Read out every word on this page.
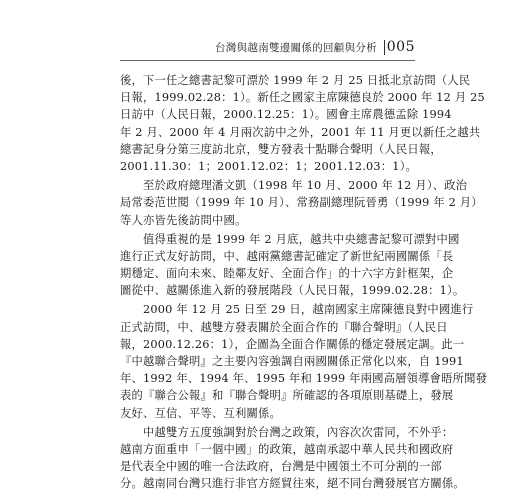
台灣與越南雙邊關係的回顧與分析 005
後，下一任之總書記黎可漂於 1999 年 2 月 25 日抵北京訪問（人民
日報，1999.02.28：1）。新任之國家主席陳德良於 2000 年 12 月 25
日訪中（人民日報，2000.12.25：1）。國會主席農德孟除 1994
年 2 月、2000 年 4 月兩次訪中之外，2001 年 11 月更以新任之越共
總書記身分第三度訪北京，雙方發表十點聯合聲明（人民日報，
2001.11.30：1；2001.12.02：1；2001.12.03：1）。
　　至於政府總理潘文凱（1998 年 10 月、2000 年 12 月）、政治
局常委范世閱（1999 年 10 月）、常務副總理阮晉勇（1999 年 2 月）
等人亦皆先後訪問中國。
　　值得重視的是 1999 年 2 月底，越共中央總書記黎可漂對中國
進行正式友好訪問，中、越兩黨總書記確定了新世紀兩國關係「長
期穩定、面向未來、睦鄰友好、全面合作」的十六字方針框架，企
圖從中、越關係進入新的發展階段（人民日報，1999.02.28：1）。
　　2000 年 12 月 25 日至 29 日，越南國家主席陳德良對中國進行
正式訪問，中、越雙方發表關於全面合作的『聯合聲明』（人民日
報，2000.12.26：1），企圖為全面合作關係的穩定發展定調。此一
『中越聯合聲明』之主要內容強調自兩國關係正常化以來，自 1991
年、1992 年、1994 年、1995 年和 1999 年兩國高層領導會晤所聞發
表的『聯合公報』和『聯合聲明』所確認的各項原則基礎上，發展
友好、互信、平等、互利關係。
　　中越雙方五度強調對於台灣之政策，內容次次雷同，不外乎：
越南方面重申「一個中國」的政策，越南承認中華人民共和國政府
是代表全中國的唯一合法政府，台灣是中國領土不可分割的一部
分。越南同台灣只進行非官方經貿往來，絕不同台灣發展官方關係。
